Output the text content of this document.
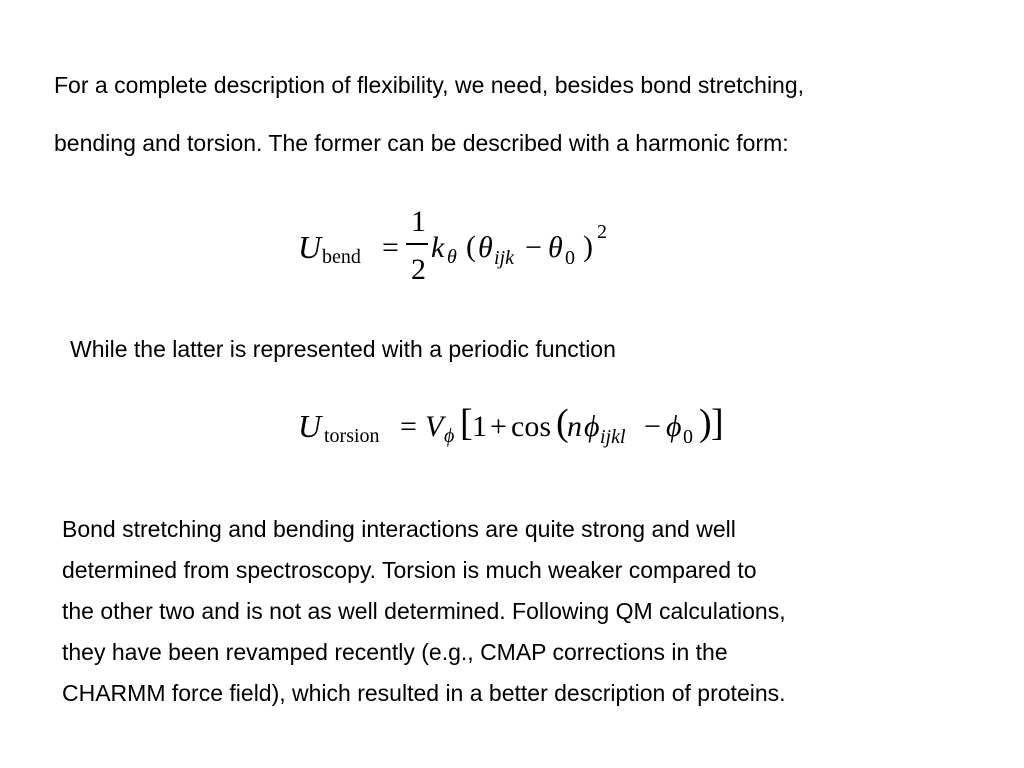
For a complete description of flexibility, we need, besides bond stretching,

bending and torsion. The former can be described with a harmonic form:

U bend =
1
2
k θ ( θ ijk − θ 0 ) 2

While the latter is represented with a periodic function

U torsion = V ϕ [ 1 + cos (
n ϕ ijkl − ϕ 0 ) ]
Bond stretching and bending interactions are quite strong and well
determined from spectroscopy. Torsion is much weaker compared to
the other two and is not as well determined. Following QM calculations,
they have been revamped recently (e.g., CMAP corrections in the
CHARMM force field), which resulted in a better description of proteins.
